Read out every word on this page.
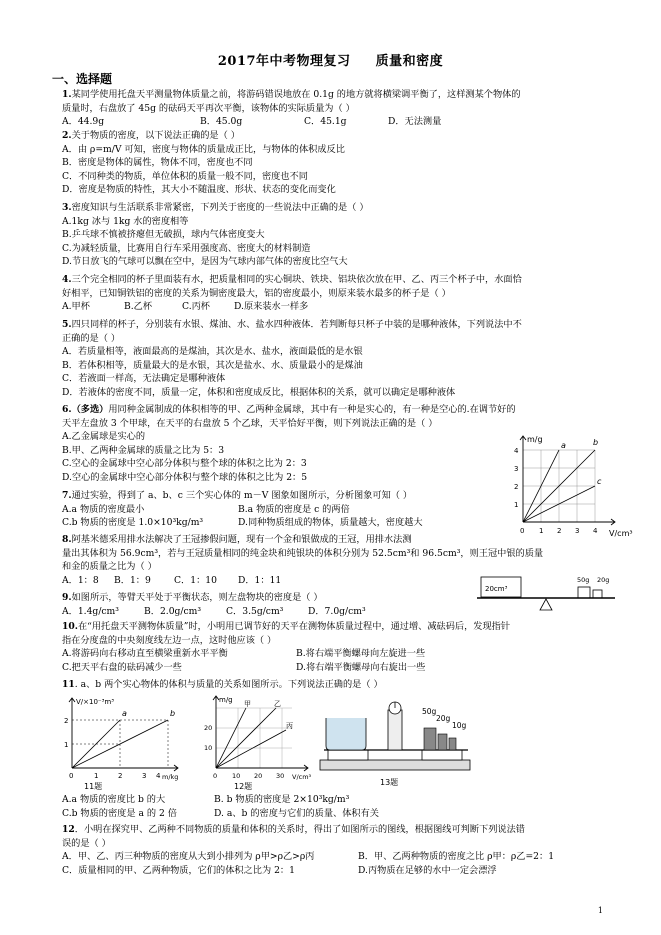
2017年中考物理复习 质量和密度
一、选择题
1.某同学使用托盘天平测量物体质量之前，将游码错误地放在 0.1g 的地方就将横梁调平衡了，这样测某个物体的
质量时，右盘放了 45g 的砝码天平再次平衡，该物体的实际质量为（ ）
A．44.9g	B．45.0g	C．45.1g	D．无法测量
2.关于物质的密度，以下说法正确的是（ ）
A．由 ρ=m/V 可知，密度与物体的质量成正比，与物体的体积成反比
B．密度是物体的属性，物体不同，密度也不同
C．不同种类的物质，单位体积的质量一般不同，密度也不同
D．密度是物质的特性，其大小不随温度、形状、状态的变化而变化
3.密度知识与生活联系非常紧密，下列关于密度的一些说法中正确的是（ ）
A.1kg 冰与 1kg 水的密度相等
B.乒乓球不慎被挤瘪但无破损，球内气体密度变大
C.为减轻质量，比赛用自行车采用强度高、密度大的材料制造
D.节日放飞的气球可以飘在空中，是因为气球内部气体的密度比空气大
4.三个完全相同的杯子里面装有水，把质量相同的实心铜块、铁块、铝块依次放在甲、乙、丙三个杯子中，水面恰
好相平，已知铜铁铝的密度的关系为铜密度最大，铝的密度最小，则原来装水最多的杯子是（ ）
A.甲杯	B.乙杯	C.丙杯	D.原来装水一样多
5.四只同样的杯子，分别装有水银、煤油、水、盐水四种液体．若判断每只杯子中装的是哪种液体，下列说法中不
正确的是（ ）
A．若质量相等，液面最高的是煤油，其次是水、盐水，液面最低的是水银
B．若体积相等，质量最大的是水银，其次是盐水、水、质量最小的是煤油
C．若液面一样高，无法确定是哪种液体
D．若液体的密度不同，质量一定，体积和密度成反比，根据体积的关系，就可以确定是哪种液体
6.（多选）用同种金属制成的体积相等的甲、乙两种金属球，其中有一种是实心的，有一种是空心的.在调节好的
天平左盘放 3 个甲球，在天平的右盘放 5 个乙球，天平恰好平衡，则下列说法正确的是（ ）
A.乙金属球是实心的
B.甲、乙两种金属球的质量之比为 5：3
C.空心的金属球中空心部分体积与整个球的体积之比为 2：3
D.空心的金属球中空心部分体积与整个球的体积之比为 2：5
7.通过实验，得到了 a、b、c 三个实心体的 m－V 图象如图所示，分析图象可知（ ）
A.a 物质的密度最小	B.a 物质的密度是 c 的两倍
C.b 物质的密度是 1.0×10³kg/m³	D.同种物质组成的物体，质量越大，密度越大
8.阿基米德采用排水法解决了王冠掺假问题，现有一个金和银做成的王冠，用排水法测
量出其体积为 56.9cm³，若与王冠质量相同的纯金块和纯银块的体积分别为 52.5cm³和 96.5cm³，则王冠中银的质量
和金的质量之比为（ ）
A．1：8	B．1：9	C．1：10	D．1：11
9.如图所示，等臂天平处于平衡状态，则左盘物块的密度是（ ）
A．1.4g/cm³	B．2.0g/cm³	C．3.5g/cm³	D．7.0g/cm³
10.在“用托盘天平测物体质量”时，小明用已调节好的天平在测物体质量过程中，通过增、减砝码后，发现指针
指在分度盘的中央刻度线左边一点，这时他应该（ ）
A.将游码向右移动直至横梁重新水平平衡	B.将右端平衡螺母向左旋进一些
C.把天平右盘的砝码减少一些	D.将右端平衡螺母向右旋出一些
11. a、b 两个实心物体的体积与质量的关系如图所示。下列说法正确的是（ ）
A.a 物质的密度比 b 的大	B. b 物质的密度是 2×10³kg/m³
C.b 物质的密度是 a 的 2 倍	D. a、b 的密度与它们的质量、体积有关
12．小明在探究甲、乙两种不同物质的质量和体积的关系时，得出了如图所示的图线，根据图线可判断下列说法错
误的是（ ）
A．甲、乙、丙三种物质的密度从大到小排列为 ρ甲>ρ乙>ρ丙	B．甲、乙两种物质的密度之比 ρ甲：ρ乙=2：1
C．质量相同的甲、乙两种物质，它们的体积之比为 2：1	D.丙物质在足够的水中一定会漂浮
m/g
V/cm³
1
2
3
4
0 1 2 3 4
a	b
c
20cm³
50g 20g
V/×10⁻³m³
m/kg
1
2
0	1	2	3 4
a	b
11题
m/g
V/cm³
10
20
0 10 20 30
甲	乙
丙
12题
50g
20g
10g
13题
1
